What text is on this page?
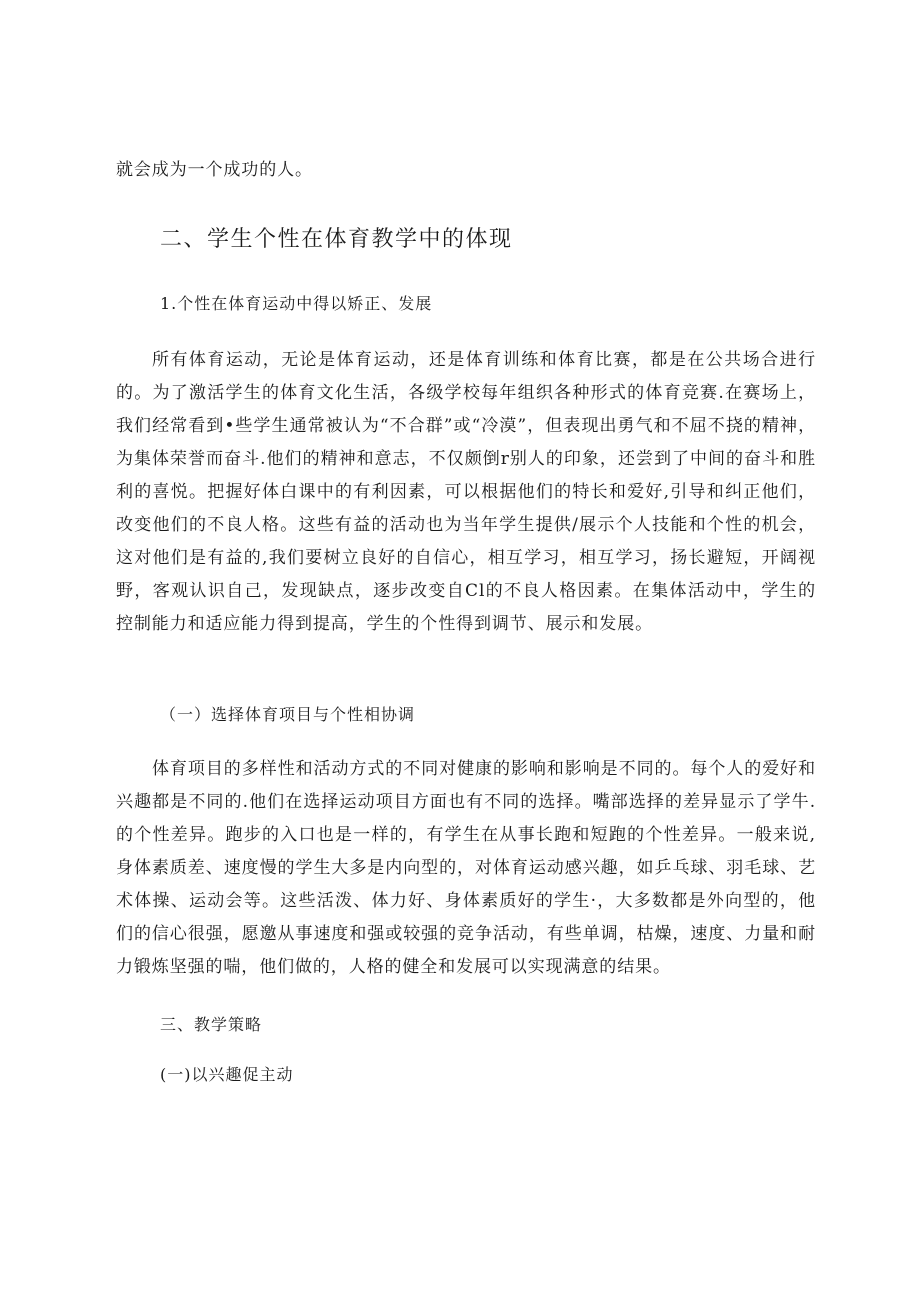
就会成为一个成功的人。

二、学生个性在体育教学中的体现
1.个性在体育运动中得以矫正、发展

所有体育运动，无论是体育运动，还是体育训练和体育比赛，都是在公共场合进行的。为了激活学生的体育文化生活，各级学校每年组织各种形式的体育竞赛.在赛场上，我们经常看到•些学生通常被认为“不合群”或“冷漠”，但表现出勇气和不屈不挠的精神，为集体荣誉而奋斗.他们的精神和意志，不仅颇倒r别人的印象，还尝到了中间的奋斗和胜利的喜悦。把握好体白课中的有利因素，可以根据他们的特长和爱好,引导和纠正他们，改变他们的不良人格。这些有益的活动也为当年学生提供/展示个人技能和个性的机会，这对他们是有益的,我们要树立良好的自信心，相互学习，相互学习，扬长避短，开阔视野，客观认识自己，发现缺点，逐步改变自Cl的不良人格因素。在集体活动中，学生的控制能力和适应能力得到提高，学生的个性得到调节、展示和发展。

（一）选择体育项目与个性相协调

体育项目的多样性和活动方式的不同对健康的影响和影响是不同的。每个人的爱好和兴趣都是不同的.他们在选择运动项目方面也有不同的选择。嘴部选择的差异显示了学牛.的个性差异。跑步的入口也是一样的，有学生在从事长跑和短跑的个性差异。一般来说,身体素质差、速度慢的学生大多是内向型的，对体育运动感兴趣，如乒乓球、羽毛球、艺术体操、运动会等。这些活泼、体力好、身体素质好的学生·，大多数都是外向型的，他们的信心很强，愿邀从事速度和强或较强的竞争活动，有些单调，枯燥，速度、力量和耐力锻炼坚强的喘，他们做的，人格的健全和发展可以实现满意的结果。

三、教学策略
(一)以兴趣促主动
